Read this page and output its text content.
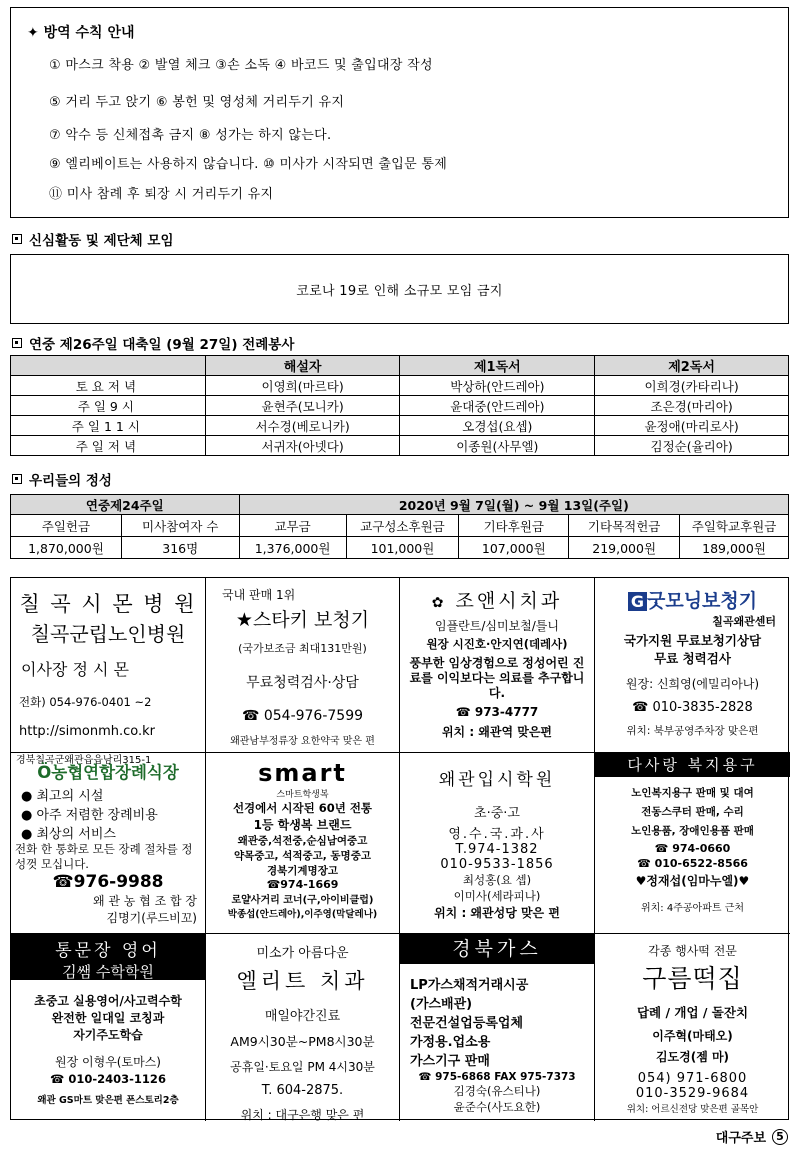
✦ 방역 수칙 안내
① 마스크 착용 ② 발열 체크 ③손 소독 ④ 바코드 및 출입대장 작성
⑤ 거리 두고 앉기 ⑥ 봉헌 및 영성체 거리두기 유지
⑦ 악수 등 신체접촉 금지 ⑧ 성가는 하지 않는다.
⑨ 엘리베이트는 사용하지 않습니다. ⑩ 미사가 시작되면 출입문 통제
⑪ 미사 참례 후 퇴장 시 거리두기 유지
신심활동 및 제단체 모임
코로나 19로 인해 소규모 모임 금지
연중 제26주일 대축일 (9월 27일) 전례봉사
	해설자	제1독서	제2독서
토요저녁	이영희(마르타)	박상하(안드레아)	이희경(카타리나)
주일9시	윤현주(모니카)	윤대중(안드레아)	조은경(마리아)
주일11시	서수경(베로니카)	오경섭(요셉)	윤정애(마리로사)
주일저녁	서귀자(아넷다)	이종원(사무엘)	김정순(율리아)
우리들의 정성
연중제24주일		2020년 9월 7일(월) ~ 9월 13일(주일)				
주일헌금	미사참여자 수	교무금	교구성소후원금	기타후원금	기타목적헌금	주일학교후원금
1,870,000원	316명	1,376,000원	101,000원	107,000원	219,000원	189,000원
칠 곡 시 몬 병 원
칠곡군립노인병원
이사장 정 시 몬
전화) 054-976-0401 ~2
http://simonmh.co.kr
경북칠곡군왜관읍읍남리315-1
국내 판매 1위
★스타키 보청기
(국가보조금 최대131만원)
무료청력검사·상담
☎ 054-976-7599
왜관남부정류장 요한약국 맞은 편
✿ 조앤시치과
임플란트/심미보철/틀니
원장 시진호·안지연(데레사)
풍부한 임상경험으로 정성어린 진료를 이익보다는 의료를 추구합니다.
☎ 973-4777
위치 : 왜관역 맞은편
G 굿모닝보청기
칠곡왜관센터
국가지원 무료보청기상담
무료 청력검사
원장: 신희영(에밀리아나)
☎ 010-3835-2828
위치: 북부공영주차장 맞은편
Ö농협연합장례식장
● 최고의 시설
● 아주 저렴한 장례비용
● 최상의 서비스
전화 한 통화로 모든 장례 절차를 정성껏 모십니다.
☎976-9988
왜 관 농 협 조 합 장
김명기(루드비꼬)
smart
스마트학생복
선경에서 시작된 60년 전통
1등 학생복 브랜드
왜관중,석전중,순심남여중고
약목중고, 석적중고, 동명중고
경북기계명장고
☎974-1669
로얄사거리 코너(구,아이비클럽)
박종섭(안드레아),이주영(막달레나)
왜관입시학원
초·중·고
영.수.국.과.사
T.974-1382
010-9533-1856
최성홍(요 셉)
이미사(세라피나)
위치 : 왜관성당 맞은 편
다사랑 복지용구
노인복지용구 판매 및 대여
전동스쿠터 판매, 수리
노인용품, 장애인용품 판매
☎ 974-0660
☎ 010-6522-8566
♥정재섭(임마누엘)♥
위치: 4주공아파트 근처
통문장 영어
김쌤 수학학원
초중고 실용영어/사고력수학
완전한 일대일 코칭과
자기주도학습
원장 이형우(토마스)
☎ 010-2403-1126
왜관 GS마트 맞은편 폰스토리2층
미소가 아름다운
엘리트 치과
매일야간진료
AM9시30분~PM8시30분
공휴일·토요일 PM 4시30분
T. 604-2875.
위치 : 대구은행 맞은 편
경북가스
LP가스채적거래시공
(가스배관)
전문건설업등록업체
가정용.업소용
가스기구 판매
☎ 975-6868 FAX 975-7373
김경숙(유스티나)
윤준수(사도요한)
각종 행사떡 전문
구름떡집
답례 / 개업 / 돌잔치
이주혁(마태오)
김도경(젬 마)
054) 971-6800
010-3529-9684
위치: 어르신전당 맞은편 골목안
대구주보 5
